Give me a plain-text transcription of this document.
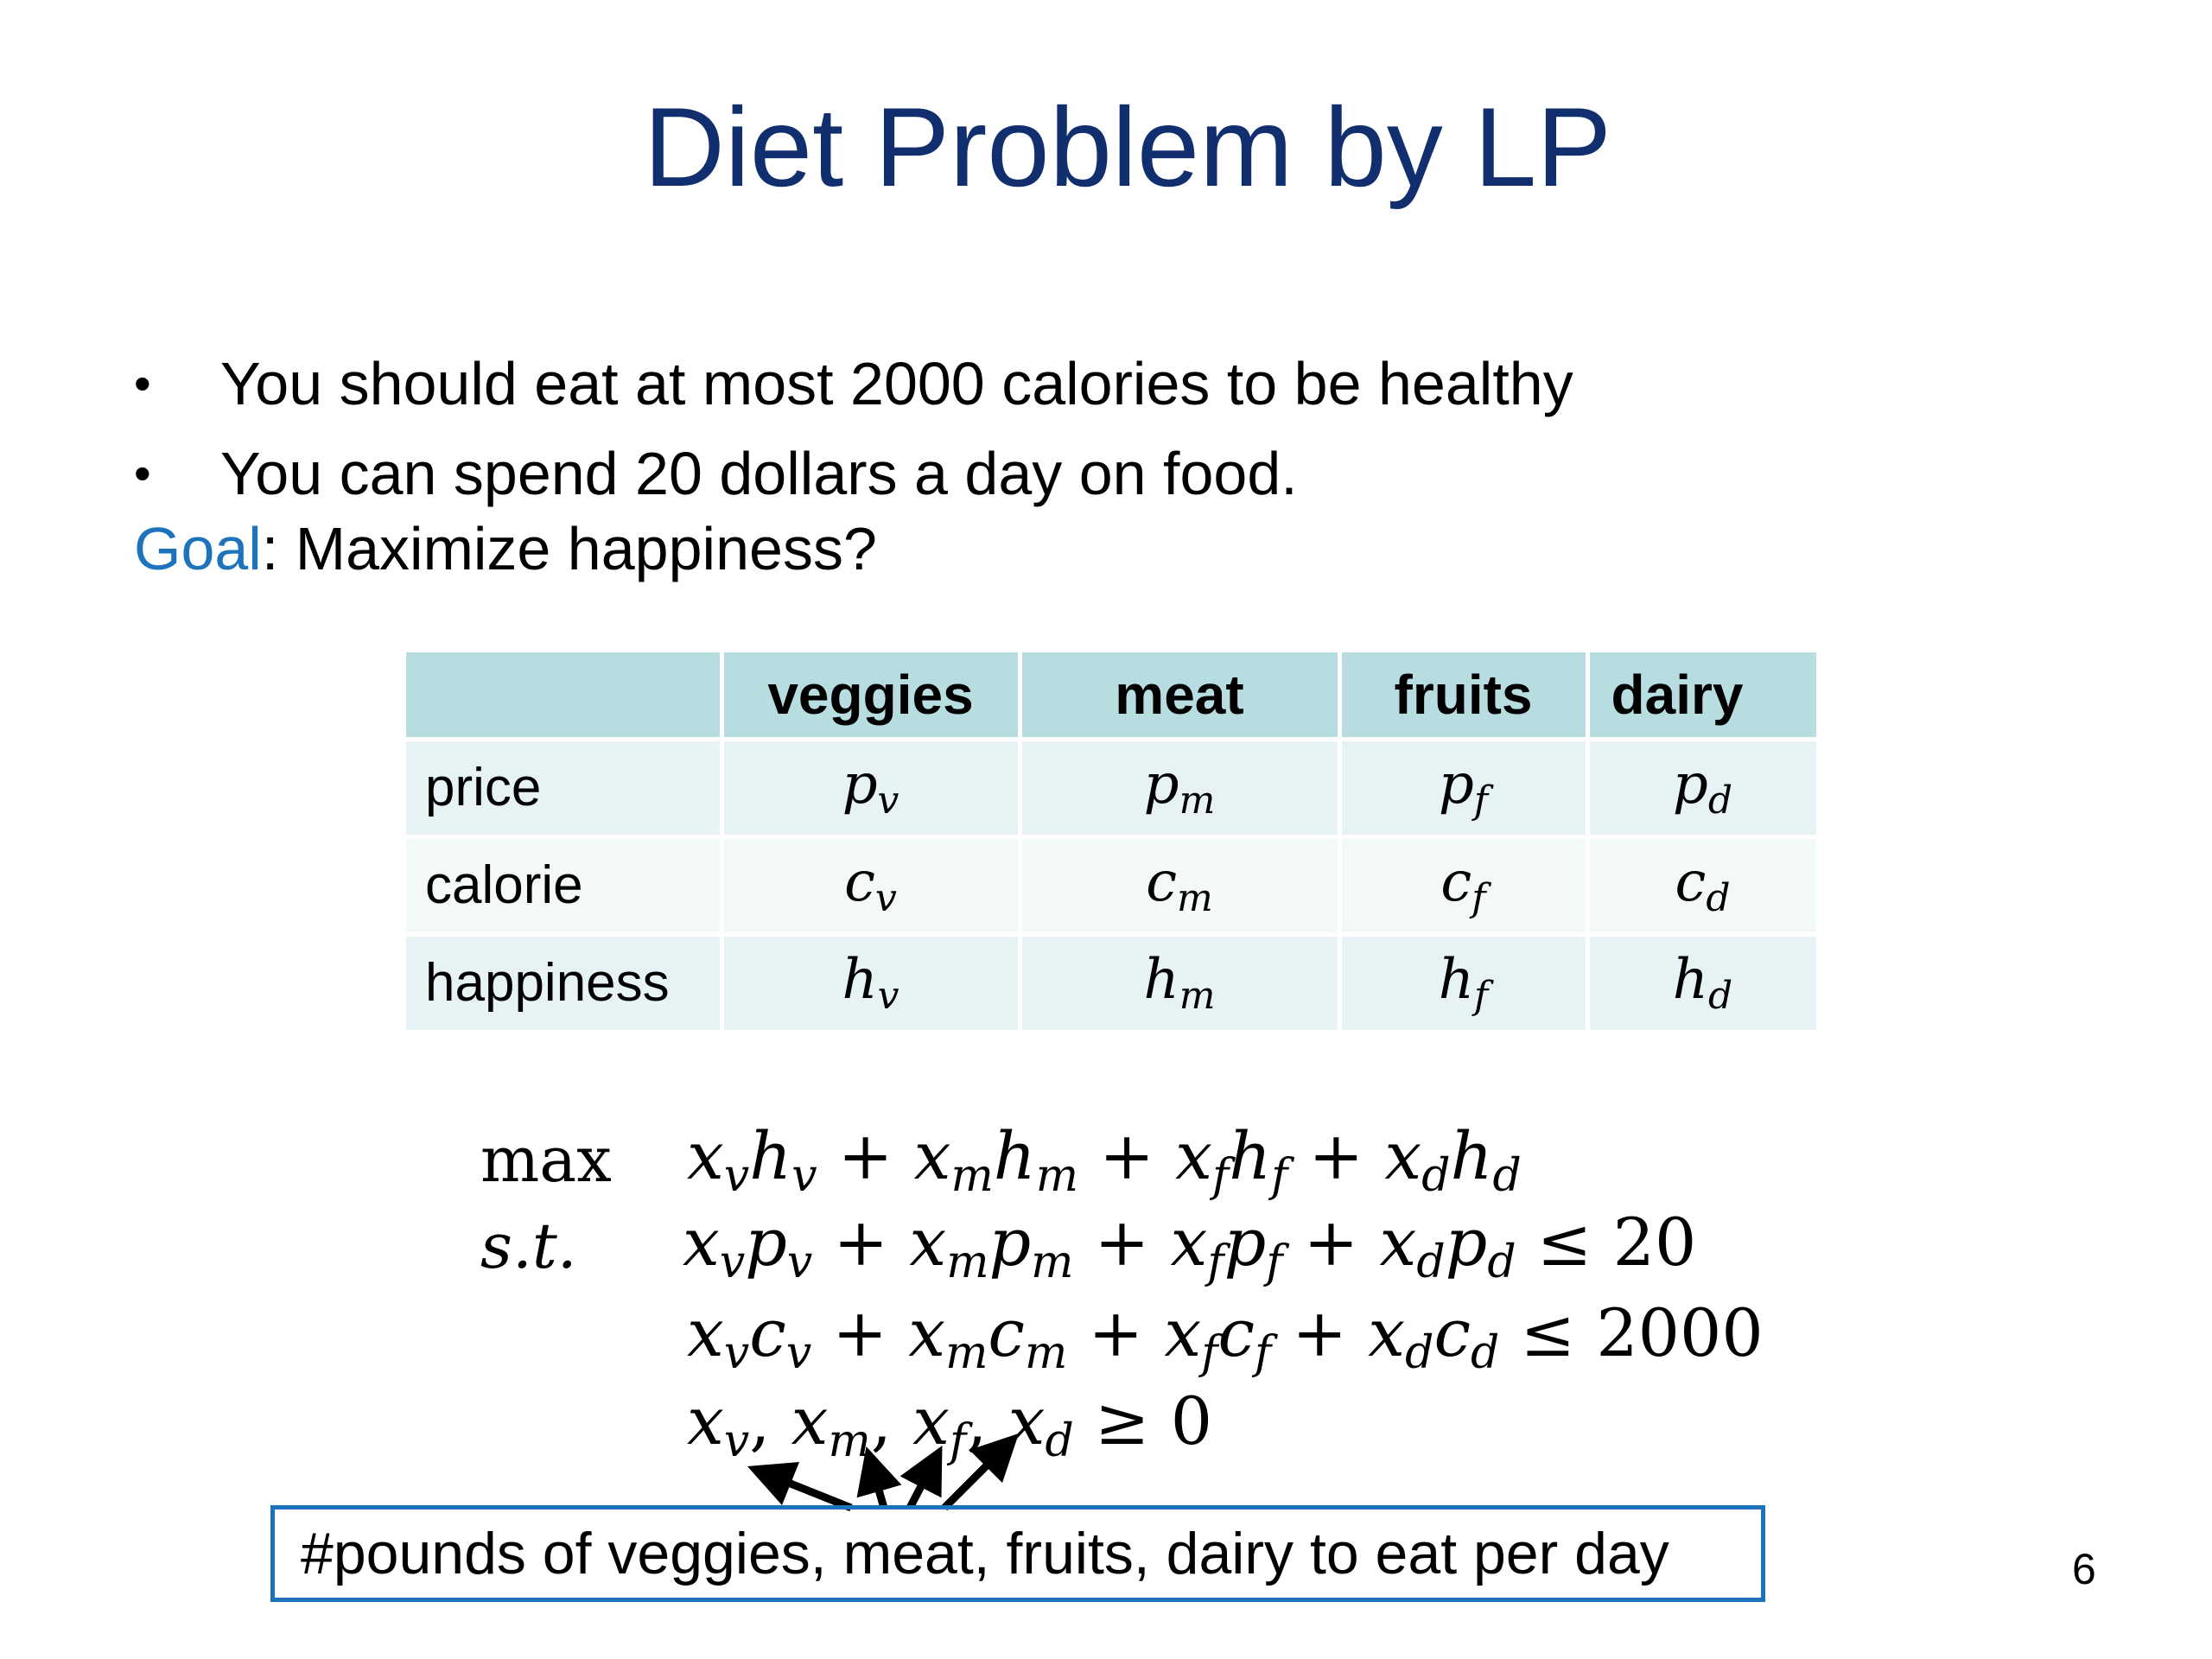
Diet Problem by LP
•	You should eat at most 2000 calories to be healthy
•	You can spend 20 dollars a day on food.
Goal: Maximize happiness?
	veggies	meat	fruits	dairy
price	$p_v$	$p_m$	$p_f$	$p_d$
calorie	$c_v$	$c_m$	$c_f$	$c_d$
happiness	$h_v$	$h_m$	$h_f$	$h_d$
max
s.t.
$x_vh_v + x_mh_m + x_fh_f + x_dh_d$
$x_vp_v + x_mp_m + x_fp_f + x_dp_d \le 20$
$x_vc_v + x_mc_m + x_fc_f + x_dc_d \le 2000$
$x_v$, $x_m$, $x_f$, $x_d \ge 0$
#pounds of veggies, meat, fruits, dairy to eat per day	6
